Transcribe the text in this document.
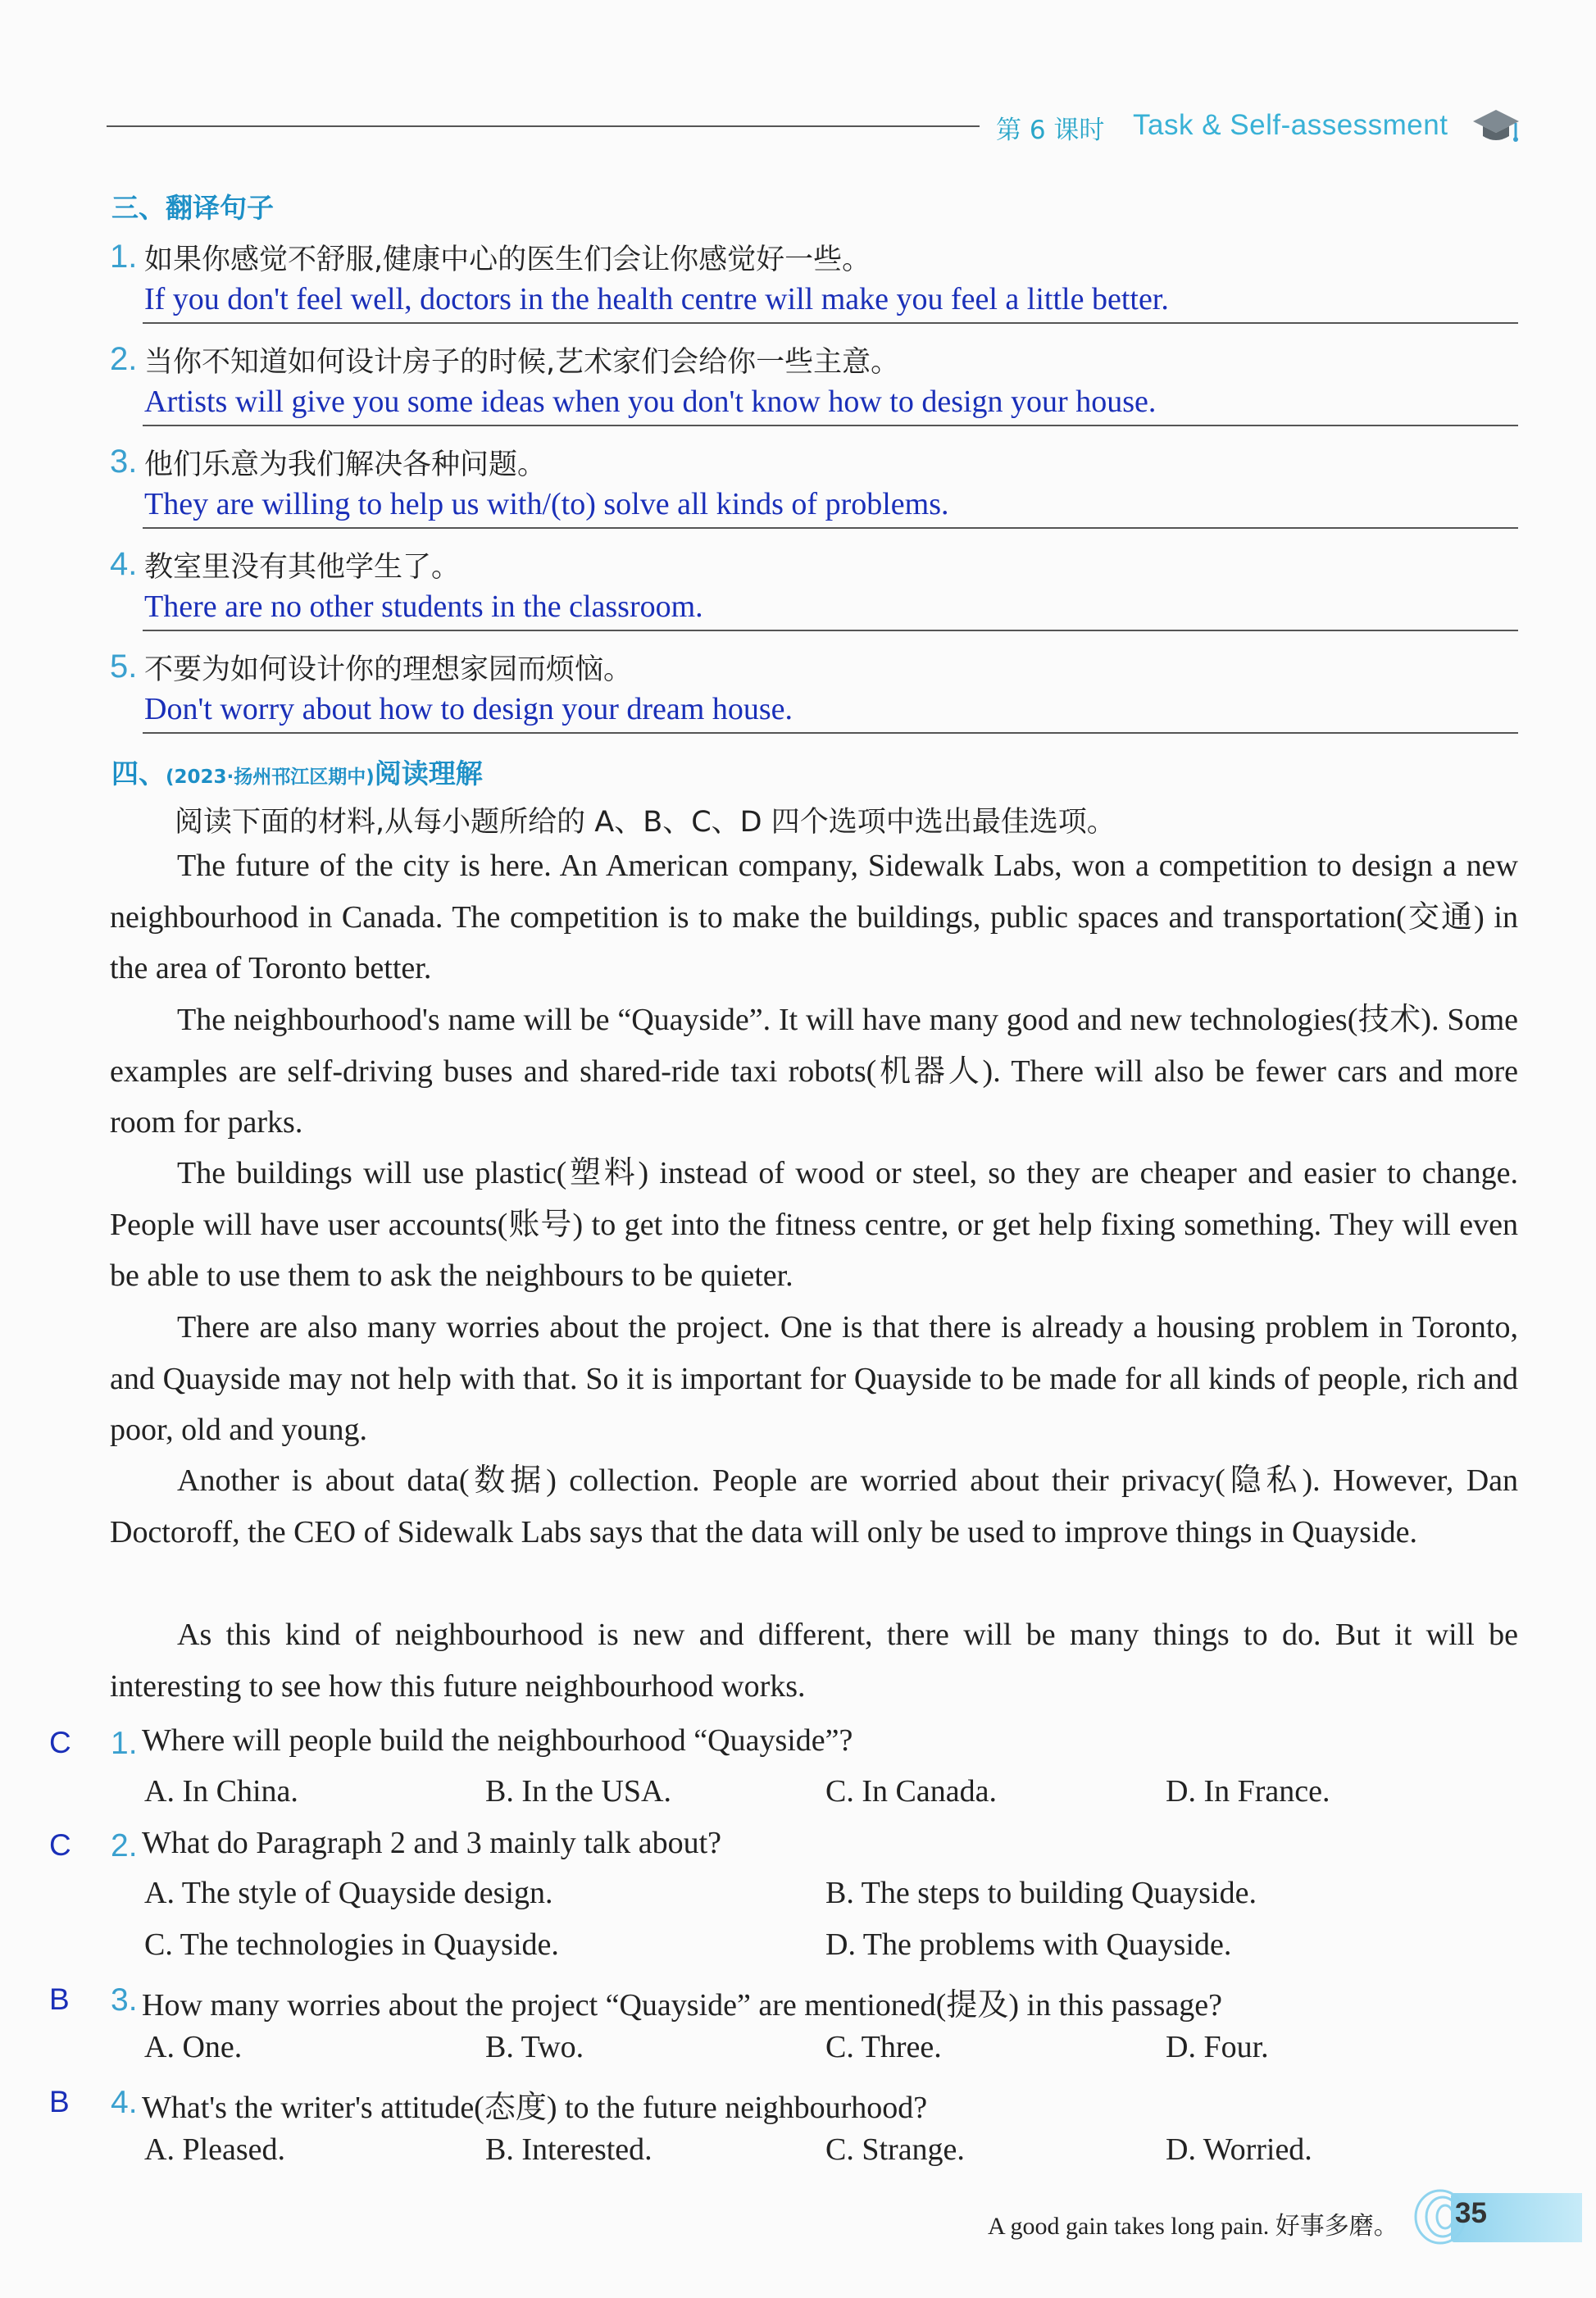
第 6 课时 Task & Self-assessment
三、翻译句子
1. 如果你感觉不舒服,健康中心的医生们会让你感觉好一些。
If you don't feel well, doctors in the health centre will make you feel a little better.
2. 当你不知道如何设计房子的时候,艺术家们会给你一些主意。
Artists will give you some ideas when you don't know how to design your house.
3. 他们乐意为我们解决各种问题。
They are willing to help us with/(to) solve all kinds of problems.
4. 教室里没有其他学生了。
There are no other students in the classroom.
5. 不要为如何设计你的理想家园而烦恼。
Don't worry about how to design your dream house.
四、(2023·扬州邗江区期中)阅读理解
阅读下面的材料,从每小题所给的 A、B、C、D 四个选项中选出最佳选项。
The future of the city is here. An American company, Sidewalk Labs, won a competition to design a new neighbourhood in Canada. The competition is to make the buildings, public spaces and transportation(交通) in the area of Toronto better.
The neighbourhood's name will be “Quayside”. It will have many good and new technologies(技术). Some examples are self-driving buses and shared-ride taxi robots(机器人). There will also be fewer cars and more room for parks.
The buildings will use plastic(塑料) instead of wood or steel, so they are cheaper and easier to change. People will have user accounts(账号) to get into the fitness centre, or get help fixing something. They will even be able to use them to ask the neighbours to be quieter.
There are also many worries about the project. One is that there is already a housing problem in Toronto, and Quayside may not help with that. So it is important for Quayside to be made for all kinds of people, rich and poor, old and young.
Another is about data(数据) collection. People are worried about their privacy(隐私). However, Dan Doctoroff, the CEO of Sidewalk Labs says that the data will only be used to improve things in Quayside.
As this kind of neighbourhood is new and different, there will be many things to do. But it will be interesting to see how this future neighbourhood works.
C 1. Where will people build the neighbourhood “Quayside”?
A. In China.	B. In the USA.	C. In Canada.	D. In France.
C 2. What do Paragraph 2 and 3 mainly talk about?
A. The style of Quayside design.	B. The steps to building Quayside.
C. The technologies in Quayside.	D. The problems with Quayside.
B 3. How many worries about the project “Quayside” are mentioned(提及) in this passage?
A. One.	B. Two.	C. Three.	D. Four.
B 4. What's the writer's attitude(态度) to the future neighbourhood?
A. Pleased.	B. Interested.	C. Strange.	D. Worried.
A good gain takes long pain. 好事多磨。 35
